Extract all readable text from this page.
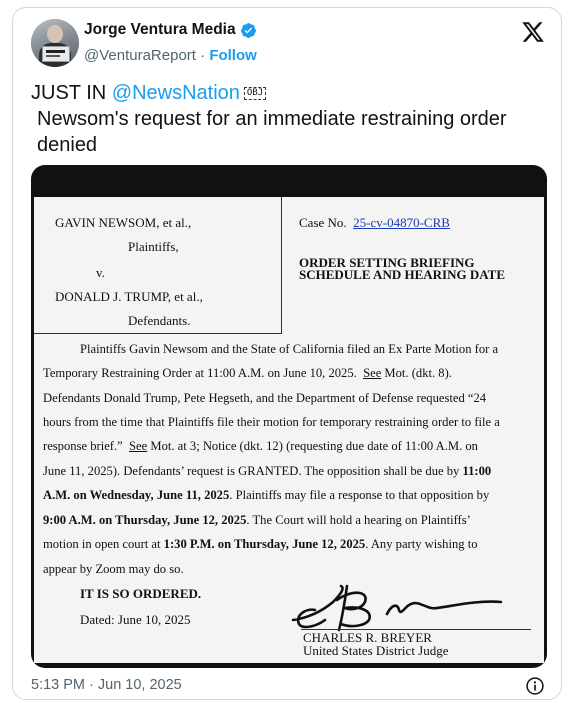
Jorge Ventura Media
@VenturaReport · Follow
JUST IN @NewsNation OBJ
Newsom's request for an immediate restraining order denied
GAVIN NEWSOM, et al.,
Plaintiffs,
v.
DONALD J. TRUMP, et al.,
Defendants.
Case No. 25-cv-04870-CRB
ORDER SETTING BRIEFING
SCHEDULE AND HEARING DATE
Plaintiffs Gavin Newsom and the State of California filed an Ex Parte Motion for a
Temporary Restraining Order at 11:00 A.M. on June 10, 2025. See Mot. (dkt. 8).
Defendants Donald Trump, Pete Hegseth, and the Department of Defense requested “24
hours from the time that Plaintiffs file their motion for temporary restraining order to file a
response brief.” See Mot. at 3; Notice (dkt. 12) (requesting due date of 11:00 A.M. on
June 11, 2025). Defendants’ request is GRANTED. The opposition shall be due by 11:00
A.M. on Wednesday, June 11, 2025. Plaintiffs may file a response to that opposition by
9:00 A.M. on Thursday, June 12, 2025. The Court will hold a hearing on Plaintiffs’
motion in open court at 1:30 P.M. on Thursday, June 12, 2025. Any party wishing to
appear by Zoom may do so.
IT IS SO ORDERED.
Dated: June 10, 2025
CHARLES R. BREYER
United States District Judge
5:13 PM · Jun 10, 2025
